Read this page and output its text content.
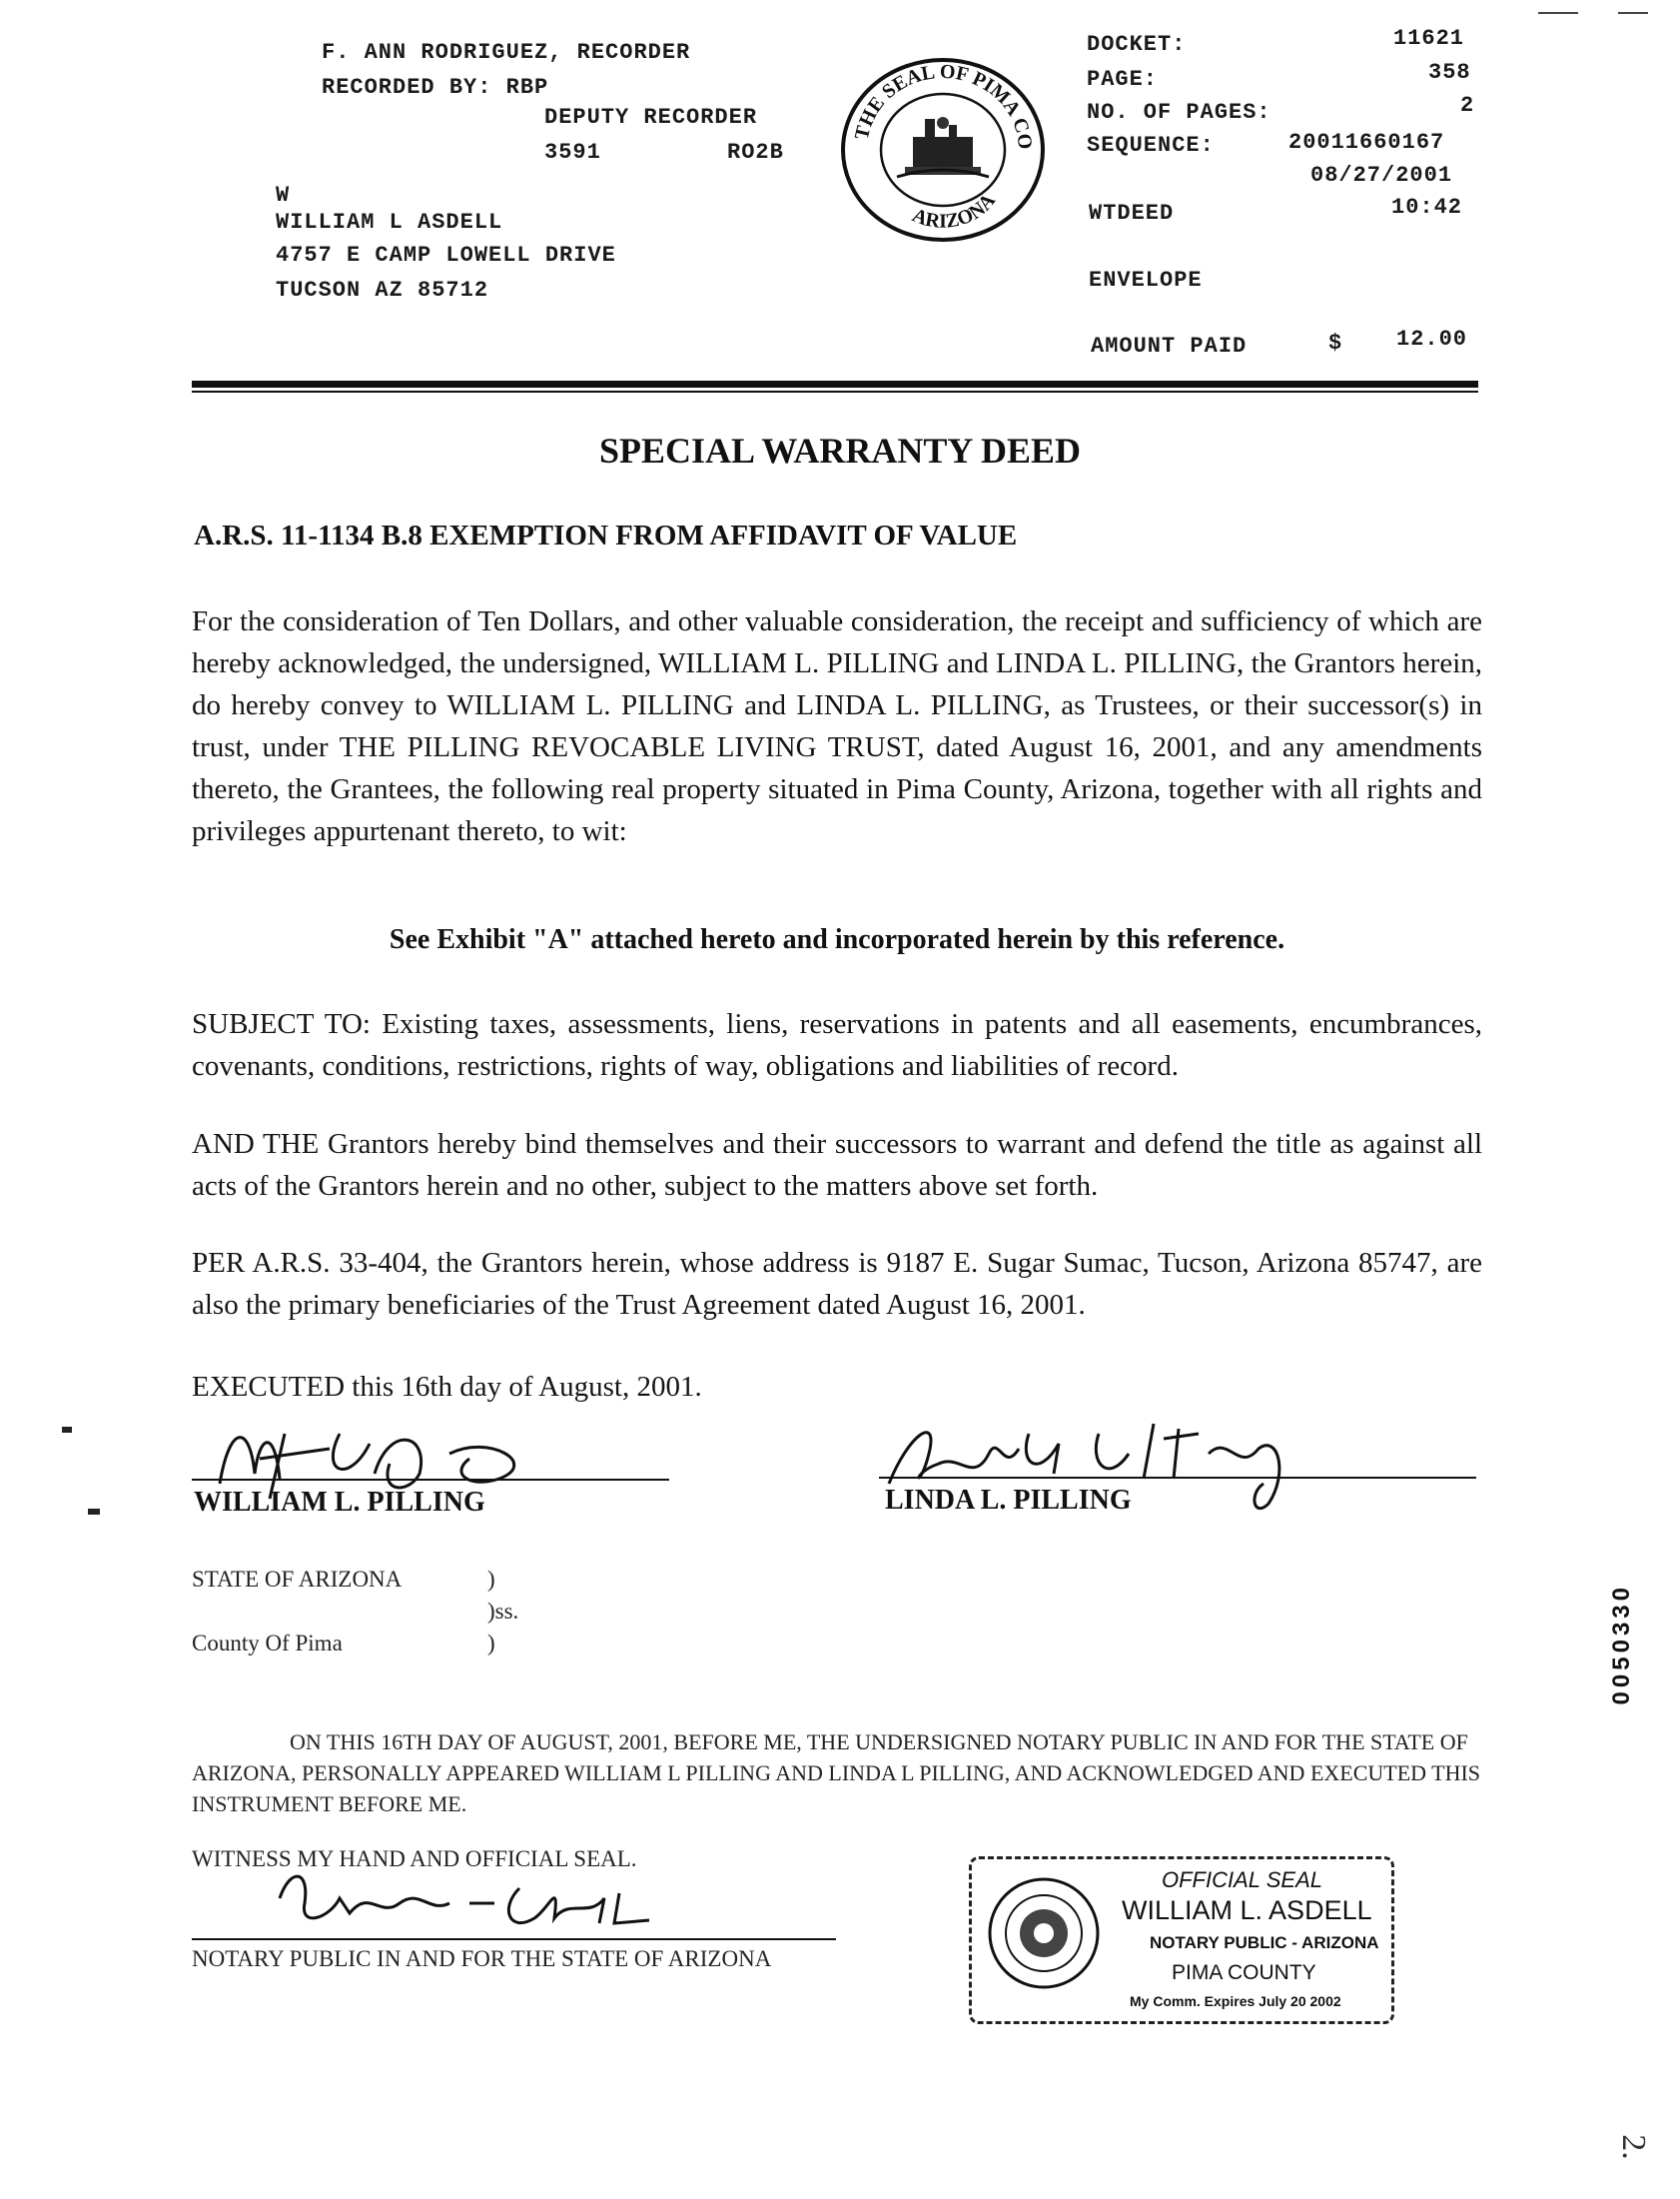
F. ANN RODRIGUEZ, RECORDER
RECORDED BY: RBP
DEPUTY RECORDER
3591	RO2B
W
WILLIAM L ASDELL
4757 E CAMP LOWELL DRIVE
TUCSON AZ 85712
THE SEAL OF PIMA CO
ARIZONA
DOCKET:	11621
PAGE:	358
NO. OF PAGES:	2
SEQUENCE:	20011660167
08/27/2001
WTDEED	10:42
ENVELOPE
AMOUNT PAID	$ 12.00
SPECIAL WARRANTY DEED
A.R.S. 11-1134 B.8 EXEMPTION FROM AFFIDAVIT OF VALUE
For the consideration of Ten Dollars, and other valuable consideration, the receipt and sufficiency of which are hereby acknowledged, the undersigned, WILLIAM L. PILLING and LINDA L. PILLING, the Grantors herein, do hereby convey to WILLIAM L. PILLING and LINDA L. PILLING, as Trustees, or their successor(s) in trust, under THE PILLING REVOCABLE LIVING TRUST, dated August 16, 2001, and any amendments thereto, the Grantees, the following real property situated in Pima County, Arizona, together with all rights and privileges appurtenant thereto, to wit:
See Exhibit "A" attached hereto and incorporated herein by this reference.
SUBJECT TO: Existing taxes, assessments, liens, reservations in patents and all easements, encumbrances, covenants, conditions, restrictions, rights of way, obligations and liabilities of record.
AND THE Grantors hereby bind themselves and their successors to warrant and defend the title as against all acts of the Grantors herein and no other, subject to the matters above set forth.
PER A.R.S. 33-404, the Grantors herein, whose address is 9187 E. Sugar Sumac, Tucson, Arizona 85747, are also the primary beneficiaries of the Trust Agreement dated August 16, 2001.
EXECUTED this 16th day of August, 2001.
WILLIAM L. PILLING	LINDA L. PILLING
STATE OF ARIZONA	)
)ss.
County Of Pima	)
ON THIS 16TH DAY OF AUGUST, 2001, BEFORE ME, THE UNDERSIGNED NOTARY PUBLIC IN AND FOR THE STATE OF ARIZONA, PERSONALLY APPEARED WILLIAM L PILLING AND LINDA L PILLING, AND ACKNOWLEDGED AND EXECUTED THIS INSTRUMENT BEFORE ME.
WITNESS MY HAND AND OFFICIAL SEAL.
NOTARY PUBLIC IN AND FOR THE STATE OF ARIZONA
OFFICIAL SEAL
WILLIAM L. ASDELL
NOTARY PUBLIC - ARIZONA
PIMA COUNTY
My Comm. Expires July 20 2002
0050330
2.
